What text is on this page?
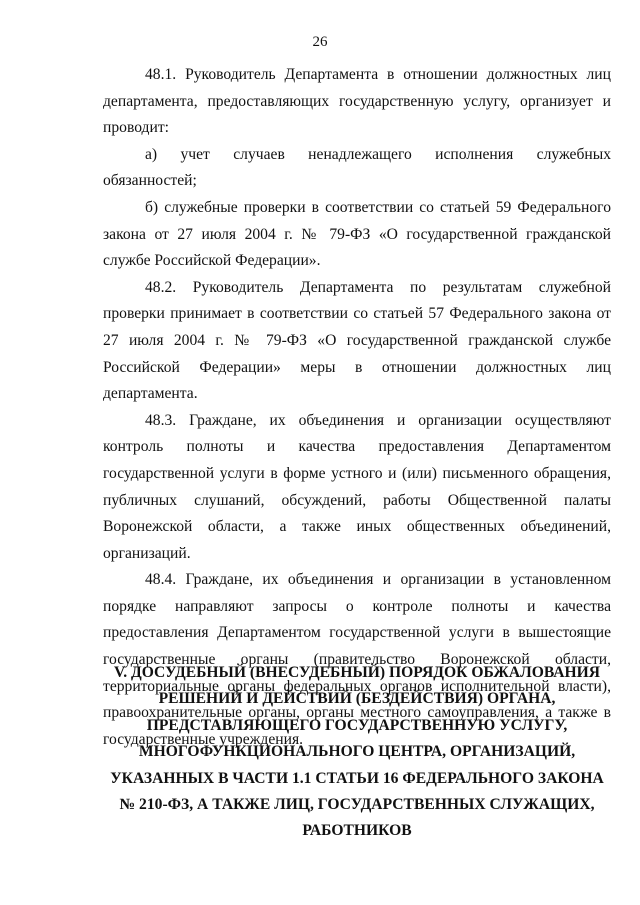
26

48.1. Руководитель Департамента в отношении должностных лиц департамента, предоставляющих государственную услугу, организует и проводит:

а) учет случаев ненадлежащего исполнения служебных обязанностей;

б) служебные проверки в соответствии со статьей 59 Федерального закона от 27 июля 2004 г. № 79-ФЗ «О государственной гражданской службе Российской Федерации».

48.2. Руководитель Департамента по результатам служебной проверки принимает в соответствии со статьей 57 Федерального закона от 27 июля 2004 г. № 79-ФЗ «О государственной гражданской службе Российской Федерации» меры в отношении должностных лиц департамента.

48.3. Граждане, их объединения и организации осуществляют контроль полноты и качества предоставления Департаментом государственной услуги в форме устного и (или) письменного обращения, публичных слушаний, обсуждений, работы Общественной палаты Воронежской области, а также иных общественных объединений, организаций.

48.4. Граждане, их объединения и организации в установленном порядке направляют запросы о контроле полноты и качества предоставления Департаментом государственной услуги в вышестоящие государственные органы (правительство Воронежской области, территориальные органы федеральных органов исполнительной власти), правоохранительные органы, органы местного самоуправления, а также в государственные учреждения.

V. ДОСУДЕБНЫЙ (ВНЕСУДЕБНЫЙ) ПОРЯДОК ОБЖАЛОВАНИЯ
РЕШЕНИЙ И ДЕЙСТВИЙ (БЕЗДЕЙСТВИЯ) ОРГАНА,
ПРЕДСТАВЛЯЮЩЕГО ГОСУДАРСТВЕННУЮ УСЛУГУ,
МНОГОФУНКЦИОНАЛЬНОГО ЦЕНТРА, ОРГАНИЗАЦИЙ,
УКАЗАННЫХ В ЧАСТИ 1.1 СТАТЬИ 16 ФЕДЕРАЛЬНОГО ЗАКОНА
№ 210-ФЗ, А ТАКЖЕ ЛИЦ, ГОСУДАРСТВЕННЫХ СЛУЖАЩИХ,
РАБОТНИКОВ
